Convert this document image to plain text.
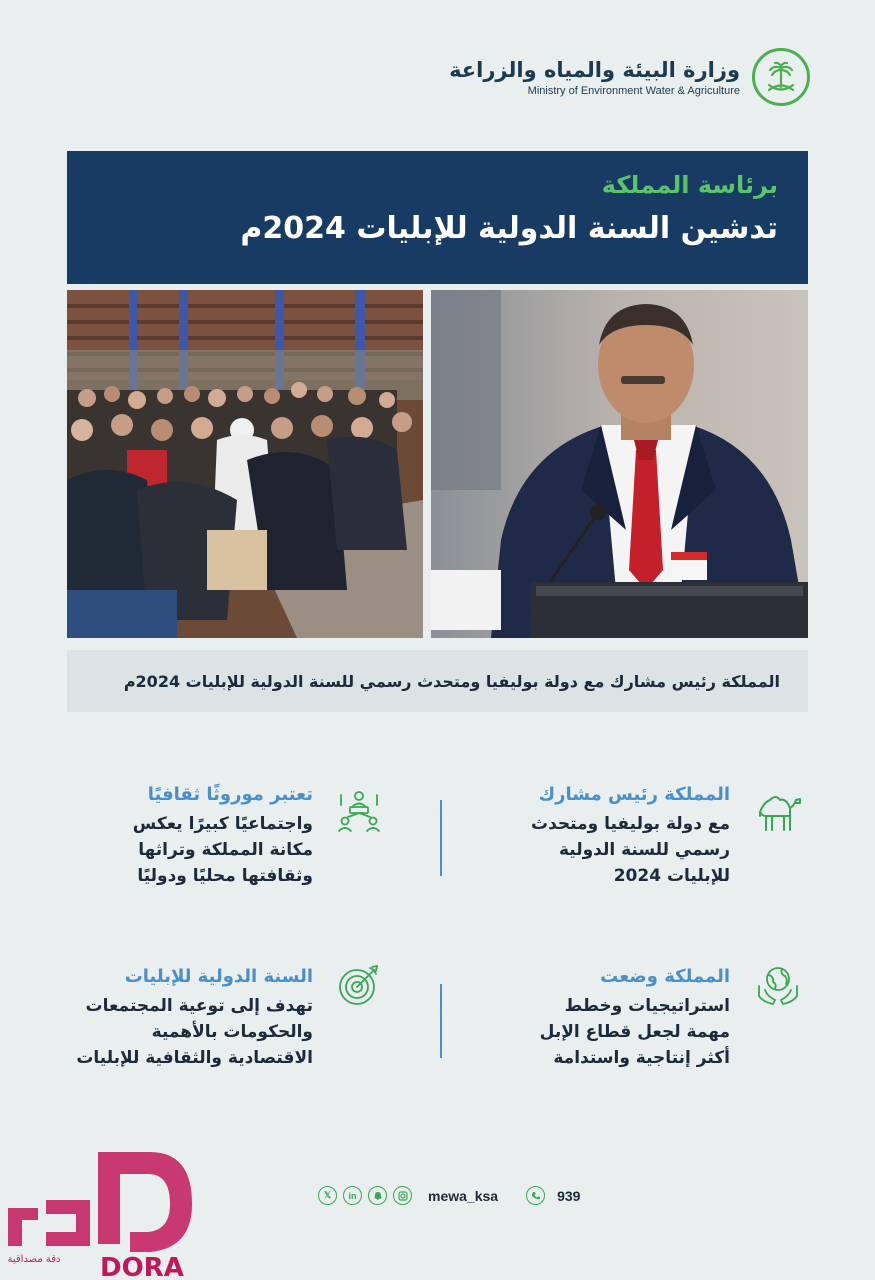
وزارة البيئة والمياه والزراعة
Ministry of Environment Water & Agriculture
برئاسة المملكة
تدشين السنة الدولية للإبليات 2024م
المملكة رئيس مشارك مع دولة بوليفيا ومتحدث رسمي للسنة الدولية للإبليات 2024م
المملكة رئيس مشارك
مع دولة بوليفيا ومتحدث
رسمي للسنة الدولية
للإبليات 2024
تعتبر موروثًا ثقافيًا
واجتماعيًا كبيرًا يعكس
مكانة المملكة وتراثها
وثقافتها محليًا ودوليًا
المملكة وضعت
استراتيجيات وخطط
مهمة لجعل قطاع الإبل
أكثر إنتاجية واستدامة
السنة الدولية للإبليات
تهدف إلى توعية المجتمعات
والحكومات بالأهمية
الاقتصادية والثقافية للإبليات
𝕏	in	mewa_ksa	939
DORA
دقة مصداقية
